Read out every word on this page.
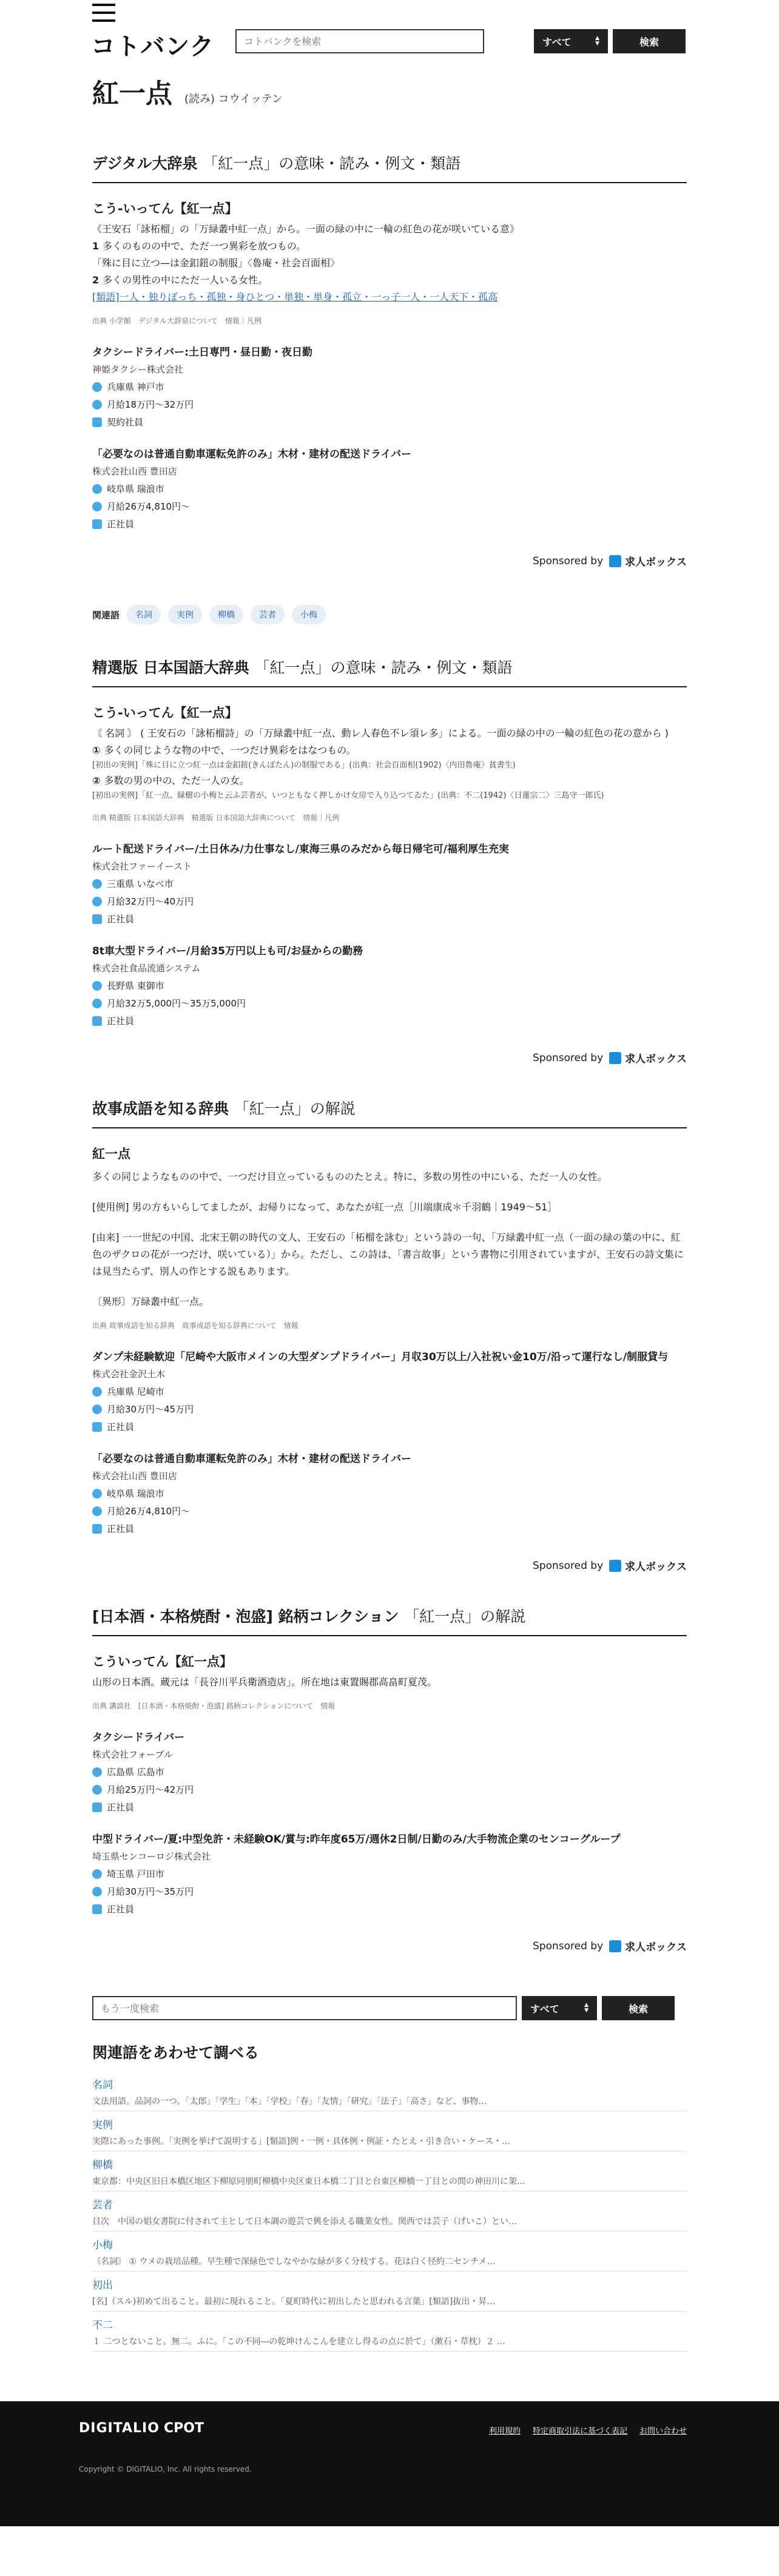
コトバンク
コトバンクを検索	すべて	▲
▼	検索
紅一点 (読み) コウイッテン
デジタル大辞泉 「紅一点」の意味・読み・例文・類語
こう‐いってん【紅一点】
《王安石「詠柘榴」の「万緑叢中紅一点」から。一面の緑の中に一輪の紅色の花が咲いている意》
1 多くのものの中で、ただ一つ異彩を放つもの。
「殊に目に立つ—は金釦鈕の制服」〈魯庵・社会百面相〉
2 多くの男性の中にただ一人いる女性。
[類語]一人・独りぼっち・孤独・身ひとつ・単独・単身・孤立・一っ子一人・一人天下・孤高
出典 小学館　デジタル大辞泉について　情報｜凡例
タクシードライバー:土日専門・昼日勤・夜日勤
神姫タクシー株式会社
兵庫県 神戸市
月給18万円〜32万円
契約社員
「必要なのは普通自動車運転免許のみ」木材・建材の配送ドライバー
株式会社山西 豊田店
岐阜県 瑞浪市
月給26万4,810円〜
正社員
Sponsored by 求人ボックス
関連語	名詞	実例	柳橋	芸者	小梅
精選版 日本国語大辞典 「紅一点」の意味・読み・例文・類語
こう‐いってん【紅一点】
〘 名詞 〙 ( 王安石の「詠柘榴詩」の「万緑叢中紅一点、動レ人春色不レ須レ多」による。一面の緑の中の一輪の紅色の花の意から )
① 多くの同じような物の中で、一つだけ異彩をはなつもの。
[初出の実例]「殊に目に立つ紅一点は金釦鈕(きんぼたん)の制服である」(出典：社会百面相(1902)〈内田魯庵〉貧書生)
② 多数の男の中の、ただ一人の女。
[初出の実例]「紅一点、緑樹の小梅と云ふ芸者が、いつともなく押しかけ女房で入り込つてゐた」(出典：不二(1942)〈日蓮宗二〉三島守一郎氏)
出典 精選版 日本国語大辞典　精選版 日本国語大辞典について　情報｜凡例
ルート配送ドライバー/土日休み/力仕事なし/東海三県のみだから毎日帰宅可/福利厚生充実
株式会社ファーイースト
三重県 いなべ市
月給32万円〜40万円
正社員
8t車大型ドライバー/月給35万円以上も可/お昼からの勤務
株式会社食品流通システム
長野県 東御市
月給32万5,000円〜35万5,000円
正社員
Sponsored by 求人ボックス
故事成語を知る辞典 「紅一点」の解説
紅一点

多くの同じようなものの中で、一つだけ目立っているもののたとえ。特に、多数の男性の中にいる、ただ一人の女性。

[使用例] 男の方もいらしてましたが、お帰りになって、あなたが紅一点［川端康成＊千羽鶴｜1949〜51］

[由来] 一一世紀の中国、北宋王朝の時代の文人、王安石の「柘榴を詠む」という詩の一句、「万緑叢中紅一点（一面の緑の葉の中に、紅色のザクロの花が一つだけ、咲いている）」から。ただし、この詩は、「書言故事」という書物に引用されていますが、王安石の詩文集には見当たらず、別人の作とする説もあります。

〔異形〕万緑叢中紅一点。

出典 故事成語を知る辞典　故事成語を知る辞典について　情報
ダンプ未経験歓迎「尼崎や大阪市メインの大型ダンプドライバー」月収30万以上/入社祝い金10万/沿って運行なし/制服貸与
株式会社金沢土木
兵庫県 尼崎市
月給30万円〜45万円
正社員
「必要なのは普通自動車運転免許のみ」木材・建材の配送ドライバー
株式会社山西 豊田店
岐阜県 瑞浪市
月給26万4,810円〜
正社員
Sponsored by 求人ボックス
[日本酒・本格焼酎・泡盛] 銘柄コレクション 「紅一点」の解説
こういってん【紅一点】
山形の日本酒。蔵元は「長谷川平兵衛酒造店」。所在地は東置賜郡高畠町夏茂。
出典 講談社　[日本酒・本格焼酎・泡盛] 銘柄コレクションについて　情報
タクシードライバー
株式会社フォーブル
広島県 広島市
月給25万円〜42万円
正社員
中型ドライバー/夏:中型免許・未経験OK/賞与:昨年度65万/週休2日制/日勤のみ/大手物流企業のセンコーグループ
埼玉県センコーロジ株式会社
埼玉県 戸田市
月給30万円〜35万円
正社員
Sponsored by 求人ボックス
もう一度検索
すべて	▲
▼	検索
関連語をあわせて調べる
名詞
文法用語。品詞の一つ。「太郎」「学生」「本」「学校」「春」「友情」「研究」「法子」「高さ」など、事物…
実例
実際にあった事例。「実例を挙げて説明する」[類語]例・一例・具体例・例証・たとえ・引き合い・ケース・…
柳橋
東京都：中央区旧日本橋区地区下柳原同朋町柳橋中央区東日本橋二丁目と台東区柳橋一丁目との間の神田川に架…
芸者
目次　中国の娼女書院に付されて主として日本調の遊芸で興を添える職業女性。関西では芸子（げいこ）とい…
小梅
〘名詞〙 ① ウメの栽培品種。早生種で深緑色でしなやかな緑が多く分枝する。花は白く径約二センチメ…
初出
[名]（スル)初めて出ること。最初に現れること。「夏町時代に初出したと思われる言葉」[類語]抜出・昇…
不二
１ 二つとないこと。無二。ふに。「この不同―の乾坤けんこんを建立し得るの点に於て」（漱石・草枕）２ …
DIGITALIO CPOT	利用規約 特定商取引法に基づく表記 お問い合わせ
Copyright © DIGITALIO, Inc. All rights reserved.
